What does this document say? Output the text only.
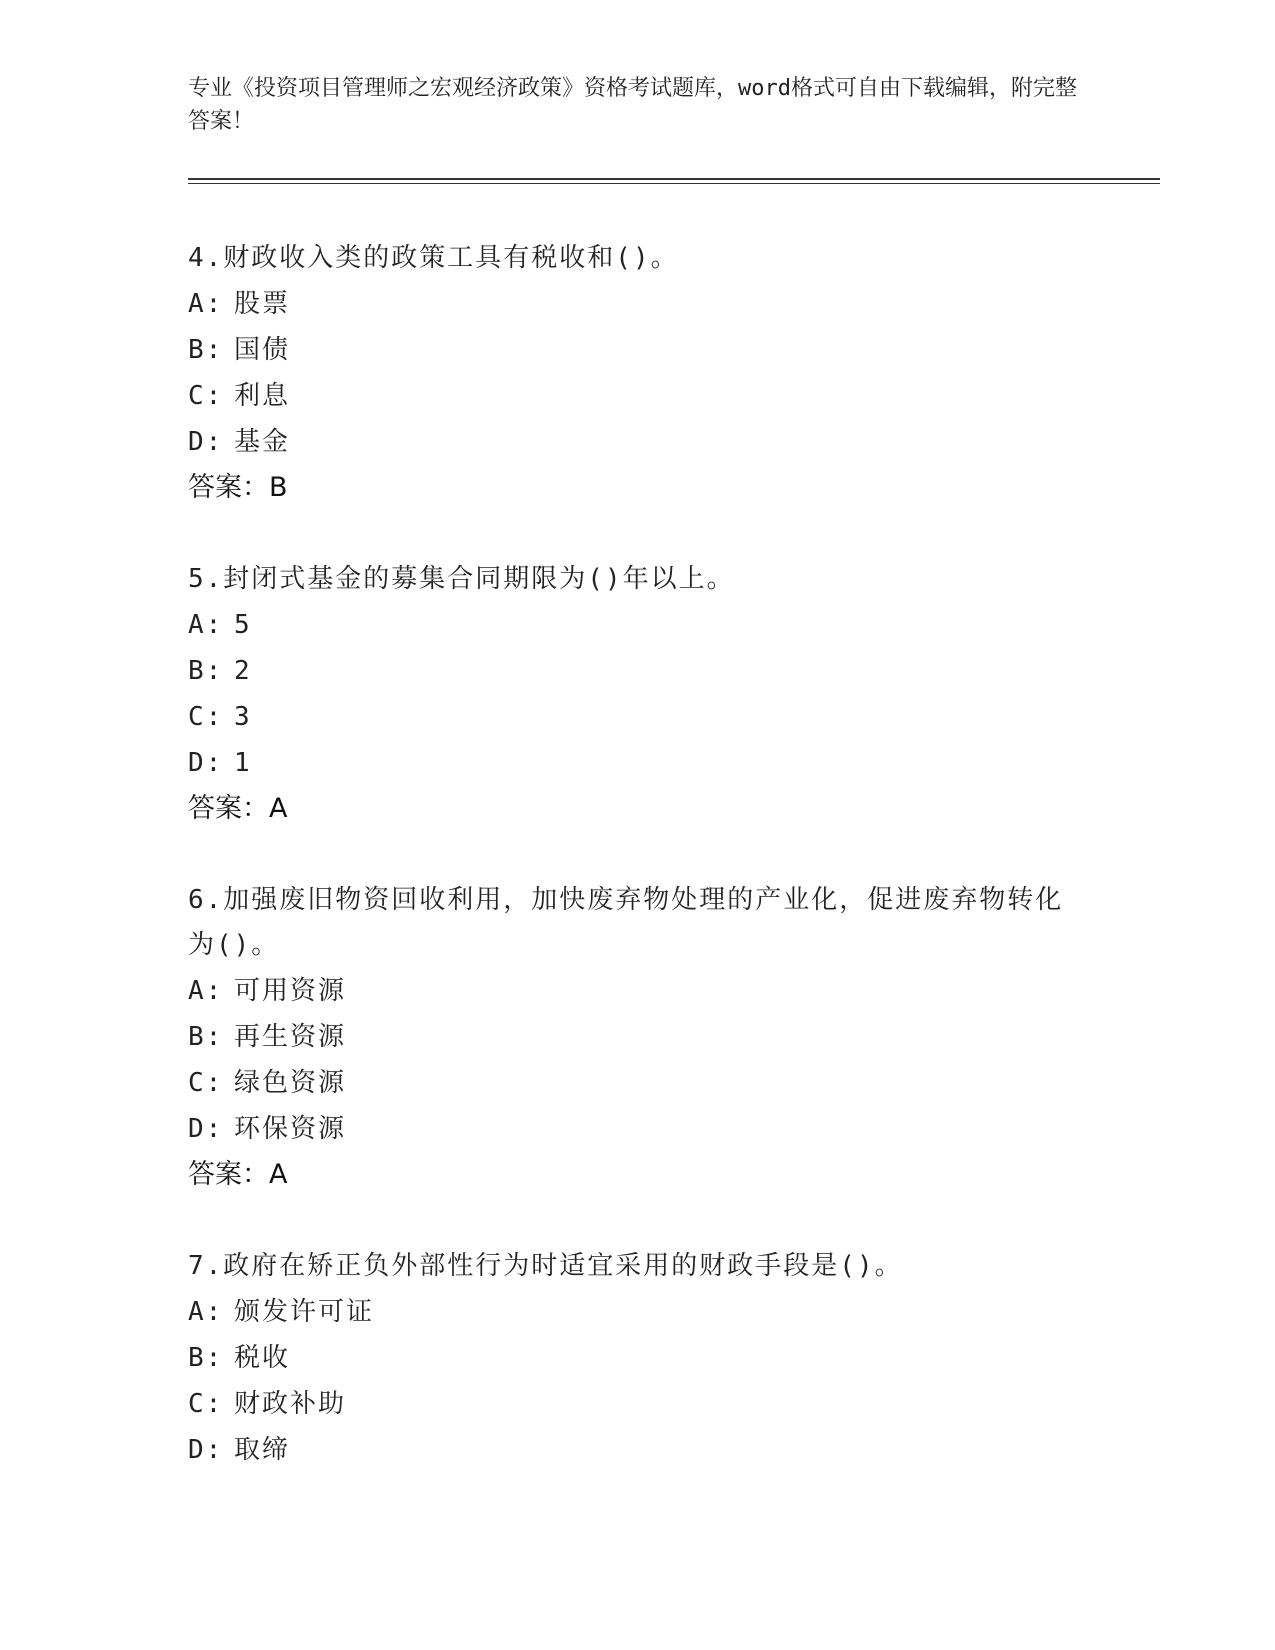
专业《投资项目管理师之宏观经济政策》资格考试题库，word格式可自由下载编辑，附完整答案！
4.财政收入类的政策工具有税收和()。
A: 股票
B: 国债
C: 利息
D: 基金
答案：B
5.封闭式基金的募集合同期限为()年以上。
A: 5
B: 2
C: 3
D: 1
答案：A
6.加强废旧物资回收利用，加快废弃物处理的产业化，促进废弃物转化为()。
A: 可用资源
B: 再生资源
C: 绿色资源
D: 环保资源
答案：A
7.政府在矫正负外部性行为时适宜采用的财政手段是()。
A: 颁发许可证
B: 税收
C: 财政补助
D: 取缔
